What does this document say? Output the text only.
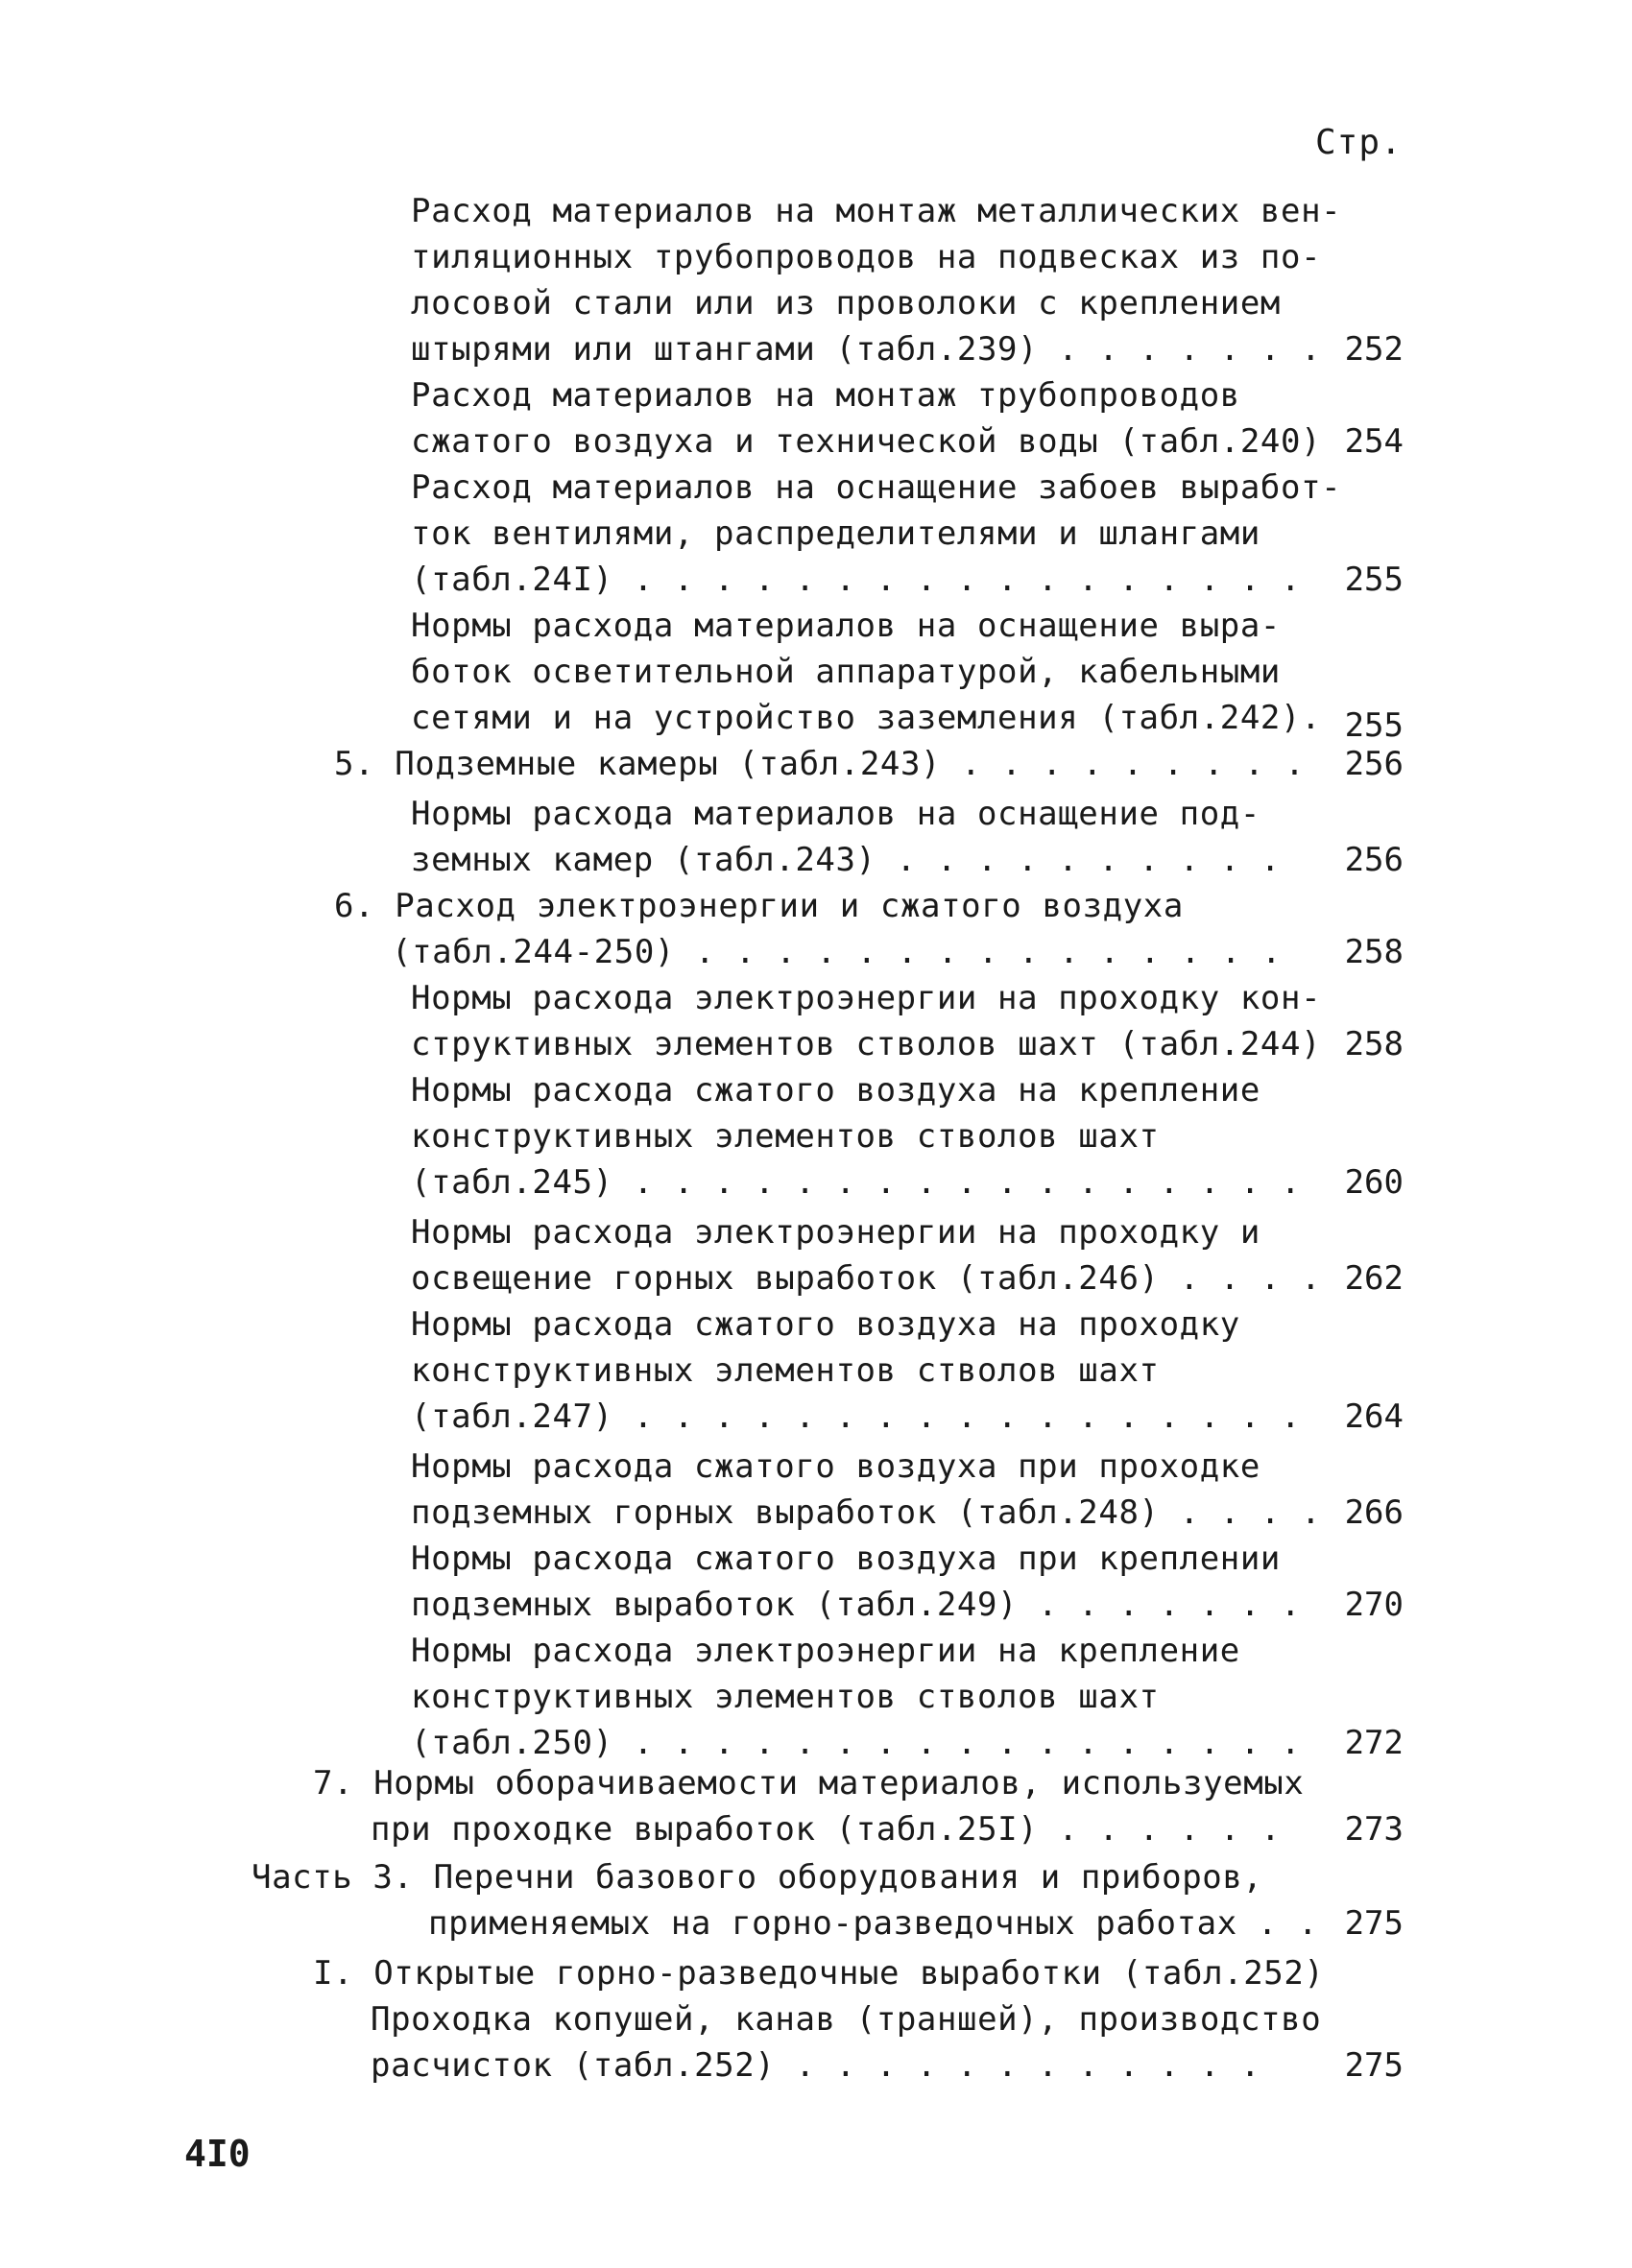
Стр.
Расход материалов на монтаж металлических вен-
тиляционных трубопроводов на подвесках из по-
лосовой стали или из проволоки с креплением
штырями или штангами (табл.239) . . . . . . . 252
Расход материалов на монтаж трубопроводов
сжатого воздуха и технической воды (табл.240) 254
Расход материалов на оснащение забоев выработ-
ток вентилями, распределителями и шлангами
(табл.24I) . . . . . . . . . . . . . . . . .	255
Нормы расхода материалов на оснащение выра-
боток осветительной аппаратурой, кабельными
сетями и на устройство заземления (табл.242). 255
5. Подземные камеры (табл.243) . . . . . . . . .	256
Нормы расхода материалов на оснащение под-
земных камер (табл.243) . . . . . . . . . .	256
6. Расход электроэнергии и сжатого воздуха
(табл.244-250) . . . . . . . . . . . . . . .	258
Нормы расхода электроэнергии на проходку кон-
структивных элементов стволов шахт (табл.244) 258
Нормы расхода сжатого воздуха на крепление
конструктивных элементов стволов шахт
(табл.245) . . . . . . . . . . . . . . . . .	260
Нормы расхода электроэнергии на проходку и
освещение горных выработок (табл.246) . . . . 262
Нормы расхода сжатого воздуха на проходку
конструктивных элементов стволов шахт
(табл.247) . . . . . . . . . . . . . . . . .	264
Нормы расхода сжатого воздуха при проходке
подземных горных выработок (табл.248) . . . . 266
Нормы расхода сжатого воздуха при креплении
подземных выработок (табл.249) . . . . . . .	270
Нормы расхода электроэнергии на крепление
конструктивных элементов стволов шахт
(табл.250) . . . . . . . . . . . . . . . . .	272
7. Нормы оборачиваемости материалов, используемых
при проходке выработок (табл.25I) . . . . . .	273
Часть 3. Перечни базового оборудования и приборов,
применяемых на горно-разведочных работах . . 275
I. Открытые горно-разведочные выработки (табл.252)
Проходка копушей, канав (траншей), производство
расчисток (табл.252) . . . . . . . . . . . .	275
4I0
